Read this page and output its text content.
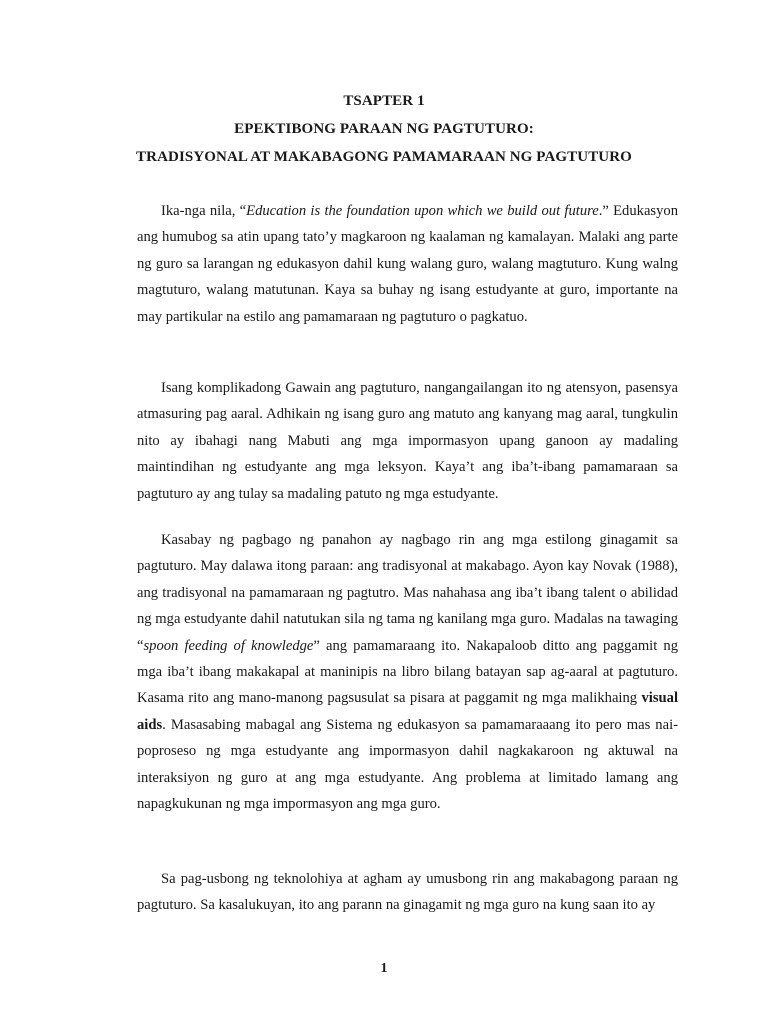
TSAPTER 1
EPEKTIBONG PARAAN NG PAGTUTURO:
TRADISYONAL AT MAKABAGONG PAMAMARAAN NG PAGTUTURO

Ika-nga nila, “Education is the foundation upon which we build out future.” Edukasyon ang humubog sa atin upang tato’y magkaroon ng kaalaman ng kamalayan. Malaki ang parte ng guro sa larangan ng edukasyon dahil kung walang guro, walang magtuturo. Kung walng magtuturo, walang matutunan. Kaya sa buhay ng isang estudyante at guro, importante na may partikular na estilo ang pamamaraan ng pagtuturo o pagkatuo.

Isang komplikadong Gawain ang pagtuturo, nangangailangan ito ng atensyon, pasensya atmasuring pag aaral. Adhikain ng isang guro ang matuto ang kanyang mag aaral, tungkulin nito ay ibahagi nang Mabuti ang mga impormasyon upang ganoon ay madaling maintindihan ng estudyante ang mga leksyon. Kaya’t ang iba’t-ibang pamamaraan sa pagtuturo ay ang tulay sa madaling patuto ng mga estudyante.

Kasabay ng pagbago ng panahon ay nagbago rin ang mga estilong ginagamit sa pagtuturo. May dalawa itong paraan: ang tradisyonal at makabago. Ayon kay Novak (1988), ang tradisyonal na pamamaraan ng pagtutro. Mas nahahasa ang iba’t ibang talent o abilidad ng mga estudyante dahil natutukan sila ng tama ng kanilang mga guro. Madalas na tawaging “spoon feeding of knowledge” ang pamamaraang ito. Nakapaloob ditto ang paggamit ng mga iba’t ibang makakapal at maninipis na libro bilang batayan sap ag-aaral at pagtuturo. Kasama rito ang mano-manong pagsusulat sa pisara at paggamit ng mga malikhaing visual aids. Masasabing mabagal ang Sistema ng edukasyon sa pamamaraaang ito pero mas nai-poproseso ng mga estudyante ang impormasyon dahil nagkakaroon ng aktuwal na interaksiyon ng guro at ang mga estudyante. Ang problema at limitado lamang ang napagkukunan ng mga impormasyon ang mga guro.

Sa pag-usbong ng teknolohiya at agham ay umusbong rin ang makabagong paraan ng pagtuturo. Sa kasalukuyan, ito ang parann na ginagamit ng mga guro na kung saan ito ay

1
